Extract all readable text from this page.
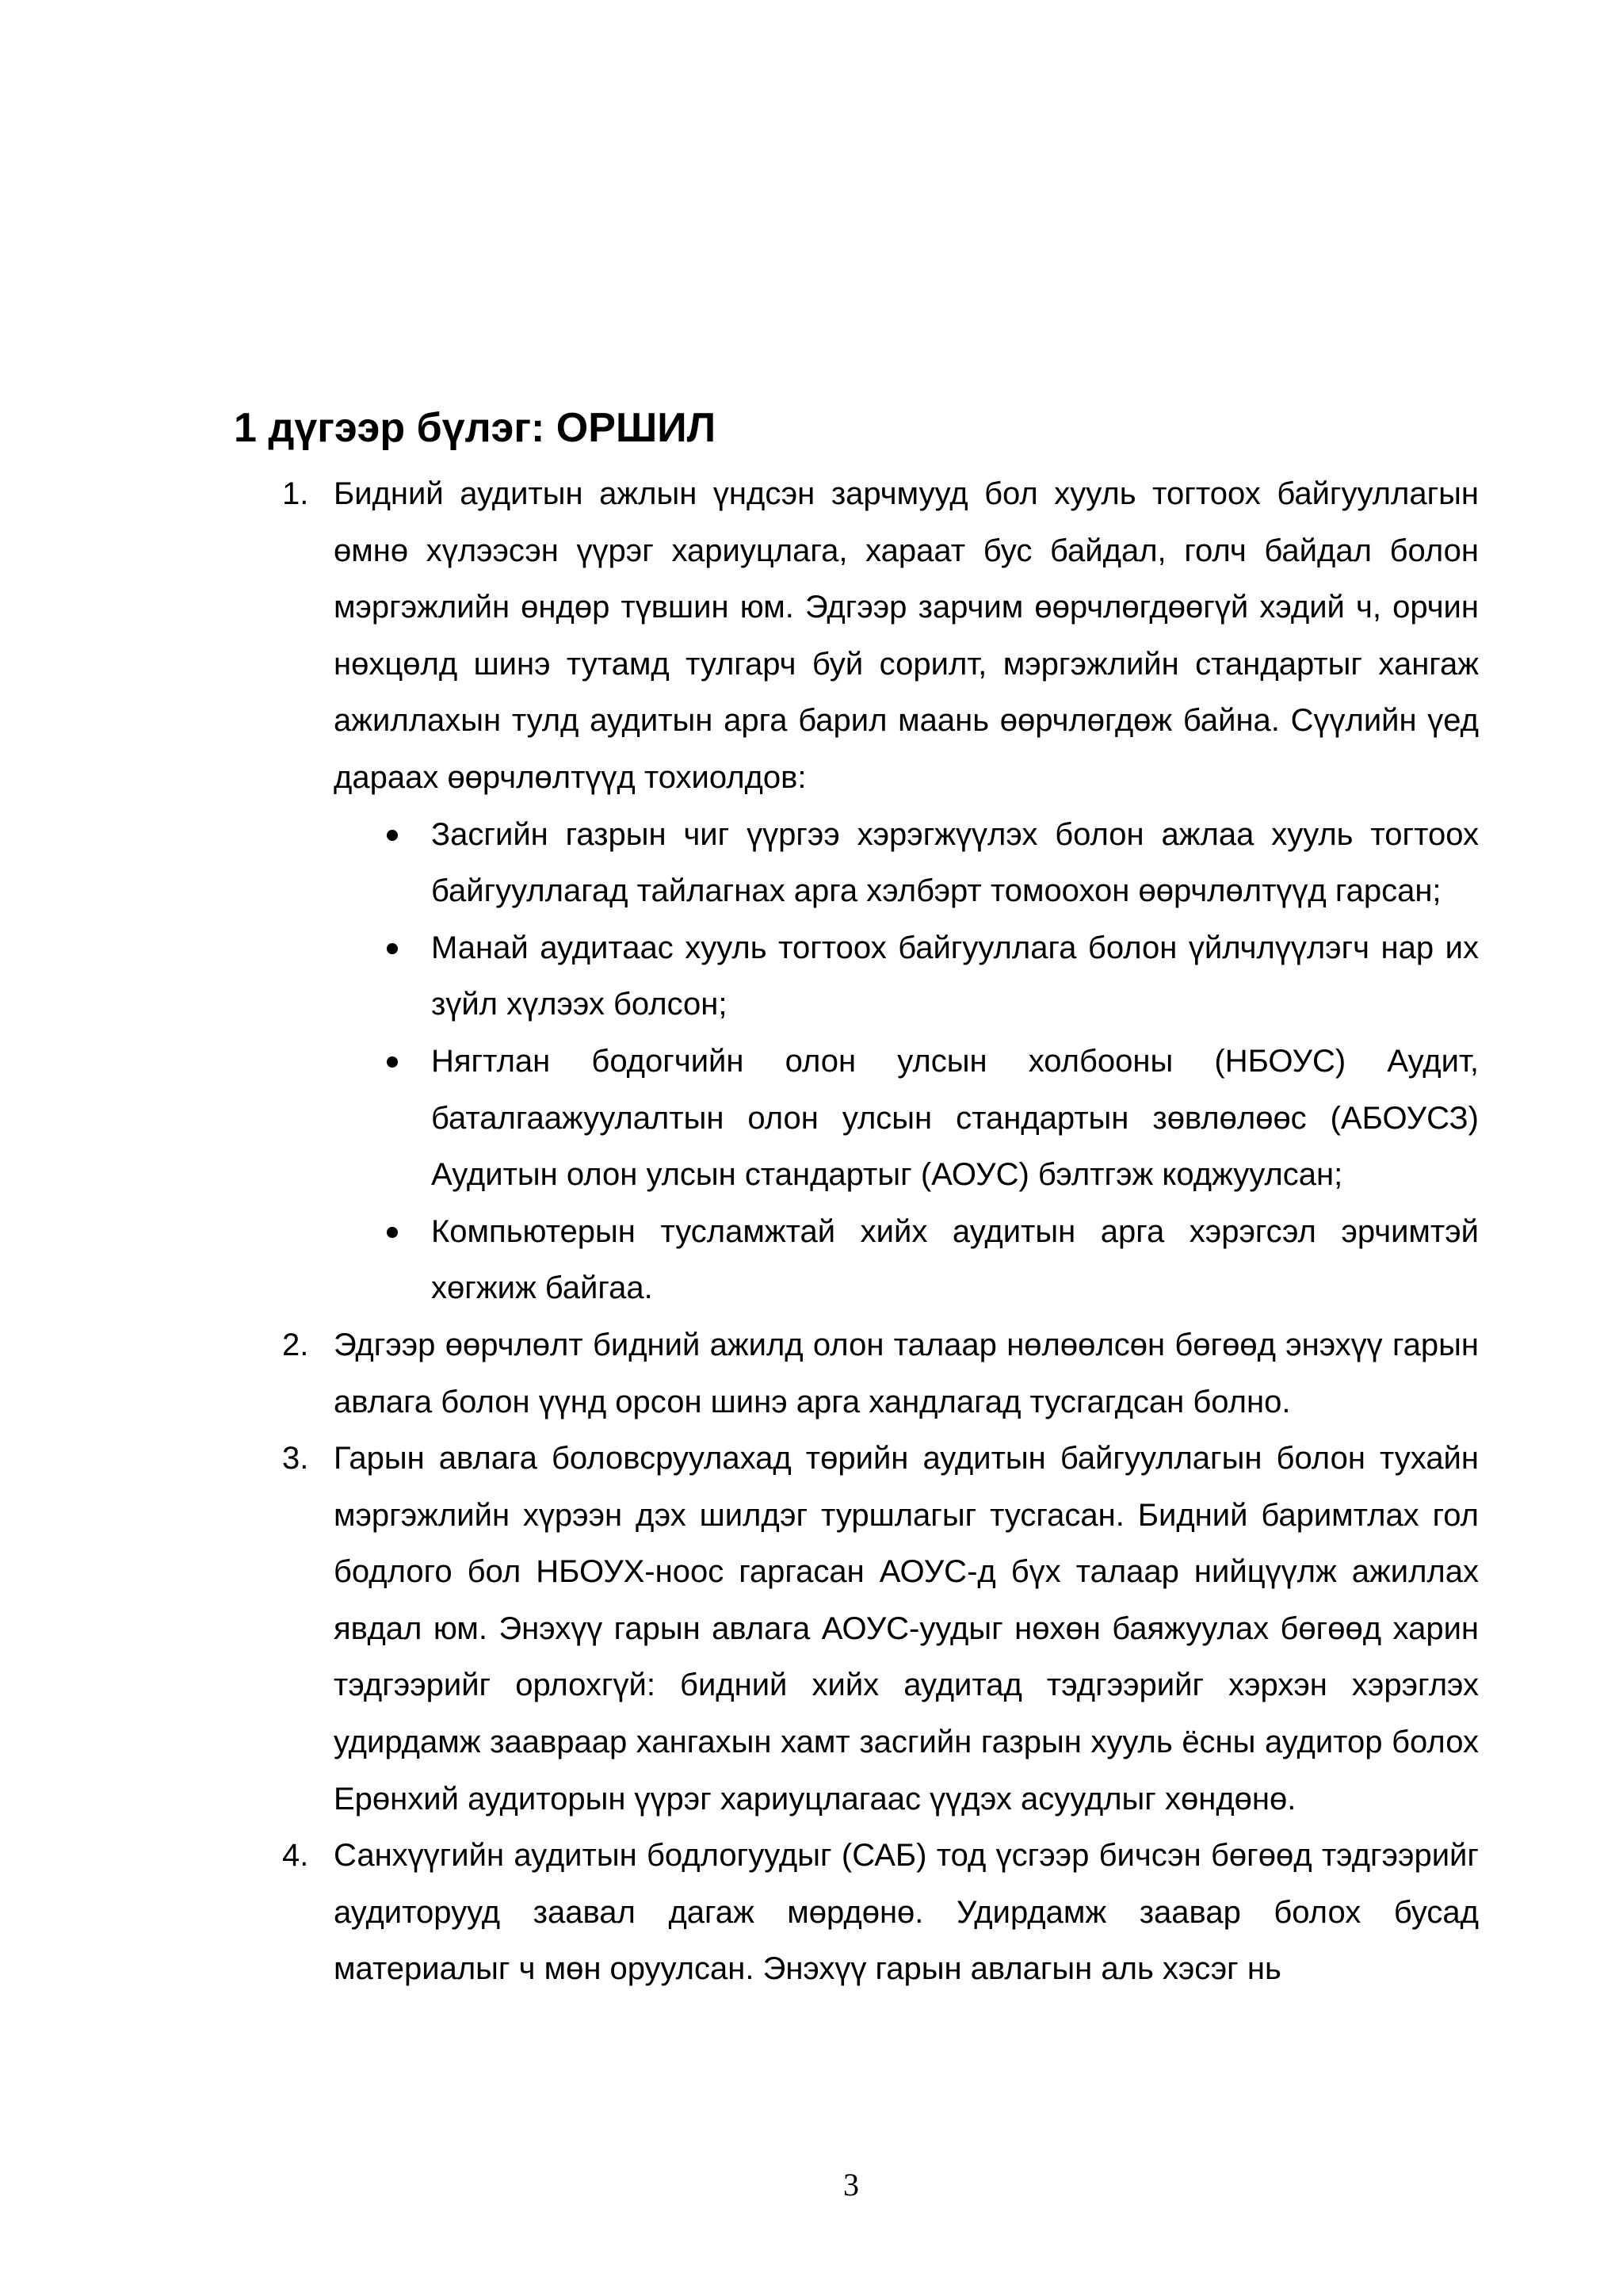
1 дүгээр бүлэг: ОРШИЛ
1. Бидний аудитын ажлын үндсэн зарчмууд бол хууль тогтоох байгууллагын өмнө хүлээсэн үүрэг хариуцлага, хараат бус байдал, голч байдал болон мэргэжлийн өндөр түвшин юм. Эдгээр зарчим өөрчлөгдөөгүй хэдий ч, орчин нөхцөлд шинэ тутамд тулгарч буй сорилт, мэргэжлийн стандартыг хангаж ажиллахын тулд аудитын арга барил маань өөрчлөгдөж байна. Сүүлийн үед дараах өөрчлөлтүүд тохиолдов:

Засгийн газрын чиг үүргээ хэрэгжүүлэх болон ажлаа хууль тогтоох байгууллагад тайлагнах арга хэлбэрт томоохон өөрчлөлтүүд гарсан;

Манай аудитаас хууль тогтоох байгууллага болон үйлчлүүлэгч нар их зүйл хүлээх болсон;

Нягтлан бодогчийн олон улсын холбооны (НБОУС) Аудит, баталгаажуулалтын олон улсын стандартын зөвлөлөөс (АБОУСЗ) Аудитын олон улсын стандартыг (АОУС) бэлтгэж коджуулсан;

Компьютерын тусламжтай хийх аудитын арга хэрэгсэл эрчимтэй хөгжиж байгаа.

2. Эдгээр өөрчлөлт бидний ажилд олон талаар нөлөөлсөн бөгөөд энэхүү гарын авлага болон үүнд орсон шинэ арга хандлагад тусгагдсан болно.

3. Гарын авлага боловсруулахад төрийн аудитын байгууллагын болон тухайн мэргэжлийн хүрээн дэх шилдэг туршлагыг тусгасан. Бидний баримтлах гол бодлого бол НБОУХ-ноос гаргасан АОУС-д бүх талаар нийцүүлж ажиллах явдал юм. Энэхүү гарын авлага АОУС-уудыг нөхөн баяжуулах бөгөөд харин тэдгээрийг орлохгүй: бидний хийх аудитад тэдгээрийг хэрхэн хэрэглэх удирдамж зааврaар хангахын хамт засгийн газрын хууль ёсны аудитор болох Ерөнхий аудиторын үүрэг хариуцлагаас үүдэх асуудлыг хөндөнө.

4. Санхүүгийн аудитын бодлогуудыг (САБ) тод үсгээр бичсэн бөгөөд тэдгээрийг аудиторууд заавал дагаж мөрдөнө. Удирдамж заавар болох бусад материалыг ч мөн оруулсан. Энэхүү гарын авлагын аль хэсэг нь

3
